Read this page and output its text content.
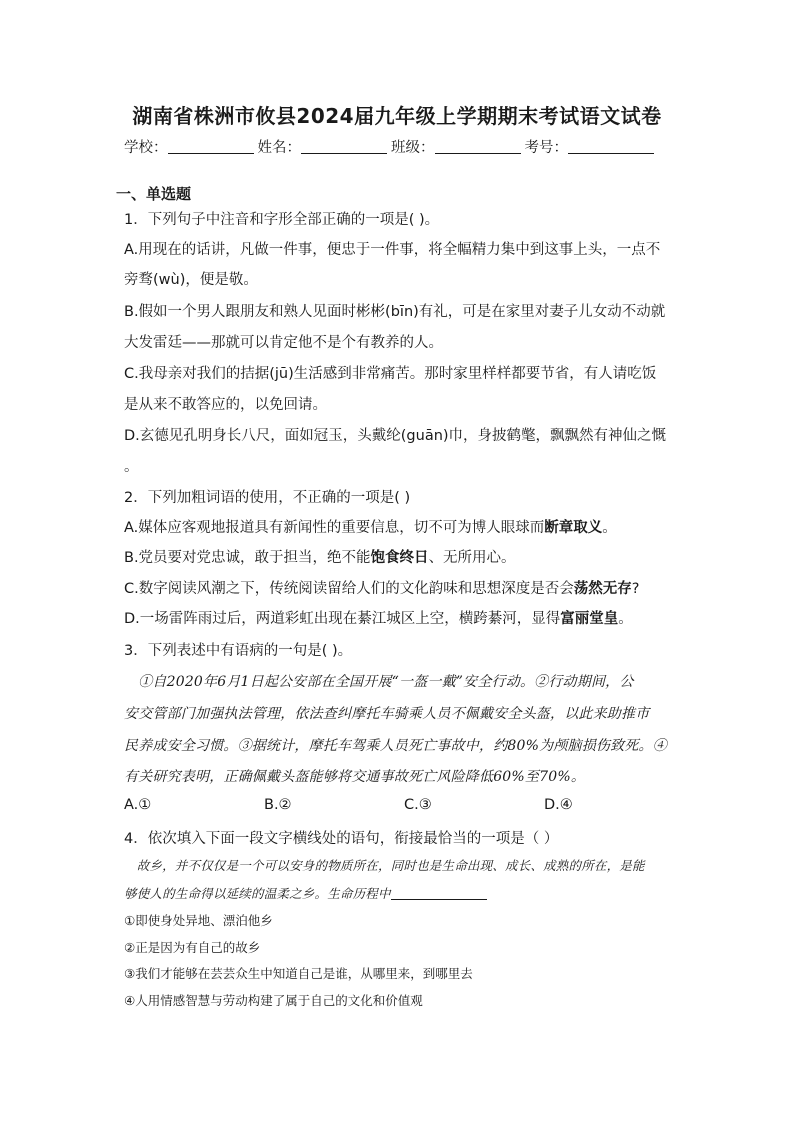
湖南省株洲市攸县2024届九年级上学期期末考试语文试卷
学校：	姓名：	班级：	考号：
一、单选题
1．下列句子中注音和字形全部正确的一项是( )。
A.用现在的话讲，凡做一件事，便忠于一件事，将全幅精力集中到这事上头，一点不
旁骛(wù)，便是敬。
B.假如一个男人跟朋友和熟人见面时彬彬(bīn)有礼，可是在家里对妻子儿女动不动就
大发雷廷——那就可以肯定他不是个有教养的人。
C.我母亲对我们的拮据(jū)生活感到非常痛苦。那时家里样样都要节省，有人请吃饭
是从来不敢答应的，以免回请。
D.玄德见孔明身长八尺，面如冠玉，头戴纶(guān)巾，身披鹤氅，飘飘然有神仙之慨
。
2．下列加粗词语的使用，不正确的一项是( )
A.媒体应客观地报道具有新闻性的重要信息，切不可为博人眼球而断章取义。
B.党员要对党忠诚，敢于担当，绝不能饱食终日、无所用心。
C.数字阅读风潮之下，传统阅读留给人们的文化韵味和思想深度是否会荡然无存?
D.一场雷阵雨过后，两道彩虹出现在綦江城区上空，横跨綦河，显得富丽堂皇。
3．下列表述中有语病的一句是( )。
　①自2020年6月1日起公安部在全国开展“一盔一戴”安全行动。②行动期间，公
安交管部门加强执法管理，依法查纠摩托车骑乘人员不佩戴安全头盔，以此来助推市
民养成安全习惯。③据统计，摩托车驾乘人员死亡事故中，约80%为颅脑损伤致死。④
有关研究表明，正确佩戴头盔能够将交通事故死亡风险降低60%至70%。
A.①	B.②	C.③	D.④
4．依次填入下面一段文字横线处的语句，衔接最恰当的一项是（ ）
　故乡，并不仅仅是一个可以安身的物质所在，同时也是生命出现、成长、成熟的所在，是能
够使人的生命得以延续的温柔之乡。生命历程中
①即使身处异地、漂泊他乡
②正是因为有自己的故乡
③我们才能够在芸芸众生中知道自己是谁，从哪里来，到哪里去
④人用情感智慧与劳动构建了属于自己的文化和价值观
